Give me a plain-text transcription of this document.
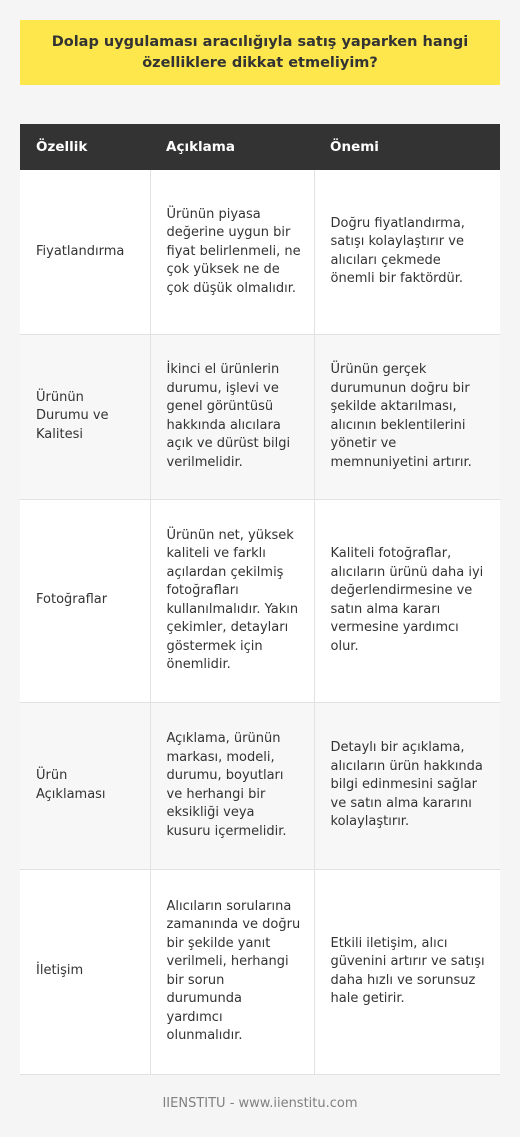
Dolap uygulaması aracılığıyla satış yaparken hangi özelliklere dikkat etmeliyim?
Özellik	Açıklama	Önemi
Fiyatlandırma	Ürünün piyasa değerine uygun bir fiyat belirlenmeli, ne çok yüksek ne de çok düşük olmalıdır.	Doğru fiyatlandırma, satışı kolaylaştırır ve alıcıları çekmede önemli bir faktördür.
Ürünün Durumu ve Kalitesi	İkinci el ürünlerin durumu, işlevi ve genel görüntüsü hakkında alıcılara açık ve dürüst bilgi verilmelidir.	Ürünün gerçek durumunun doğru bir şekilde aktarılması, alıcının beklentilerini yönetir ve memnuniyetini artırır.
Fotoğraflar	Ürünün net, yüksek kaliteli ve farklı açılardan çekilmiş fotoğrafları kullanılmalıdır. Yakın çekimler, detayları göstermek için önemlidir.	Kaliteli fotoğraflar, alıcıların ürünü daha iyi değerlendirmesine ve satın alma kararı vermesine yardımcı olur.
Ürün Açıklaması	Açıklama, ürünün markası, modeli, durumu, boyutları ve herhangi bir eksikliği veya kusuru içermelidir.	Detaylı bir açıklama, alıcıların ürün hakkında bilgi edinmesini sağlar ve satın alma kararını kolaylaştırır.
İletişim	Alıcıların sorularına zamanında ve doğru bir şekilde yanıt verilmeli, herhangi bir sorun durumunda yardımcı olunmalıdır.	Etkili iletişim, alıcı güvenini artırır ve satışı daha hızlı ve sorunsuz hale getirir.
IIENSTITU - www.iienstitu.com
